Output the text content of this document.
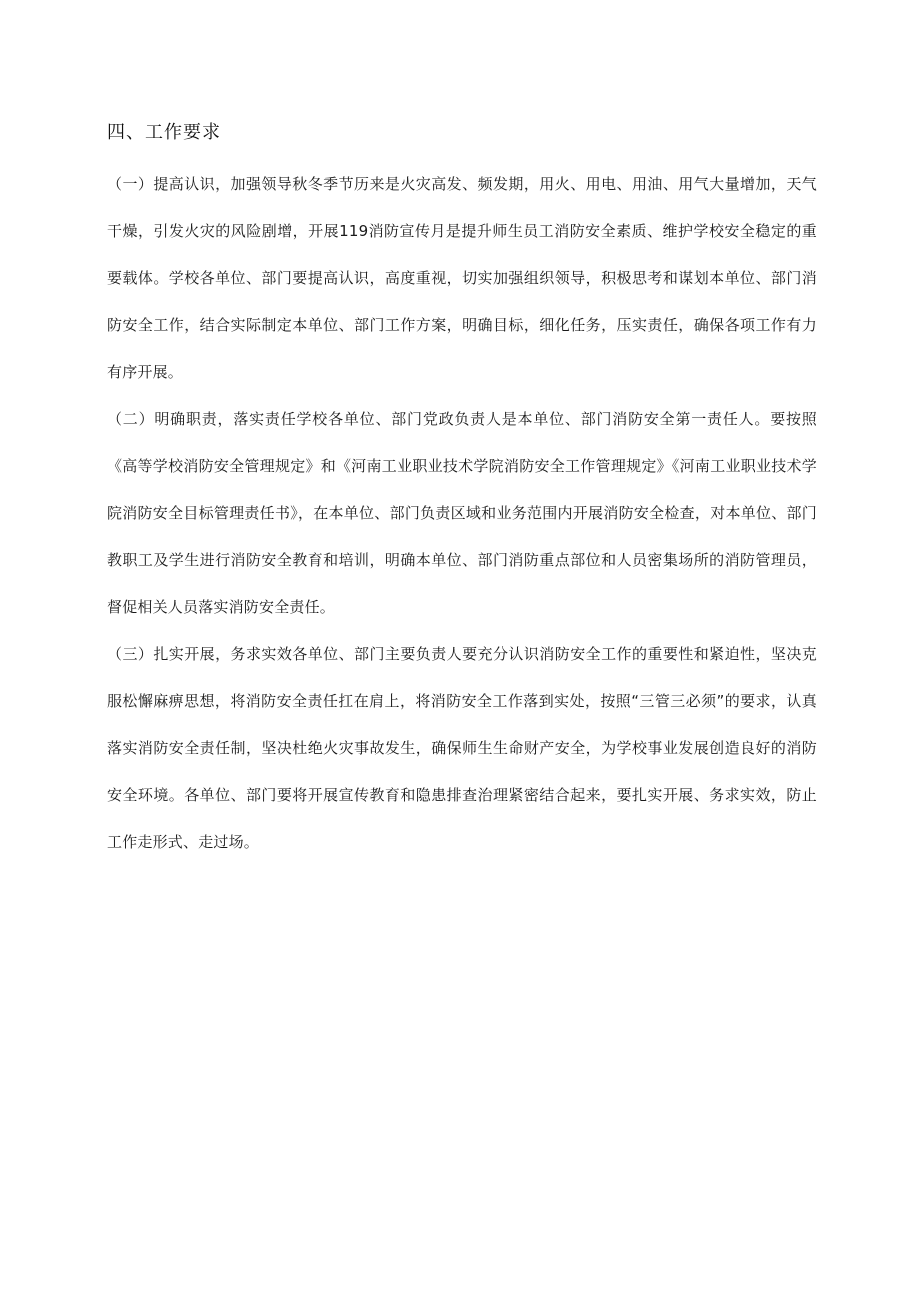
四、工作要求

（一）提高认识，加强领导秋冬季节历来是火灾高发、频发期，用火、用电、用油、用气大量增加，天气干燥，引发火灾的风险剧增，开展119消防宣传月是提升师生员工消防安全素质、维护学校安全稳定的重要载体。学校各单位、部门要提高认识，高度重视，切实加强组织领导，积极思考和谋划本单位、部门消防安全工作，结合实际制定本单位、部门工作方案，明确目标，细化任务，压实责任，确保各项工作有力有序开展。

（二）明确职责，落实责任学校各单位、部门党政负责人是本单位、部门消防安全第一责任人。要按照《高等学校消防安全管理规定》和《河南工业职业技术学院消防安全工作管理规定》《河南工业职业技术学院消防安全目标管理责任书》，在本单位、部门负责区域和业务范围内开展消防安全检查，对本单位、部门教职工及学生进行消防安全教育和培训，明确本单位、部门消防重点部位和人员密集场所的消防管理员，督促相关人员落实消防安全责任。

（三）扎实开展，务求实效各单位、部门主要负责人要充分认识消防安全工作的重要性和紧迫性，坚决克服松懈麻痹思想，将消防安全责任扛在肩上，将消防安全工作落到实处，按照“三管三必须”的要求，认真落实消防安全责任制，坚决杜绝火灾事故发生，确保师生生命财产安全，为学校事业发展创造良好的消防安全环境。各单位、部门要将开展宣传教育和隐患排查治理紧密结合起来，要扎实开展、务求实效，防止工作走形式、走过场。
